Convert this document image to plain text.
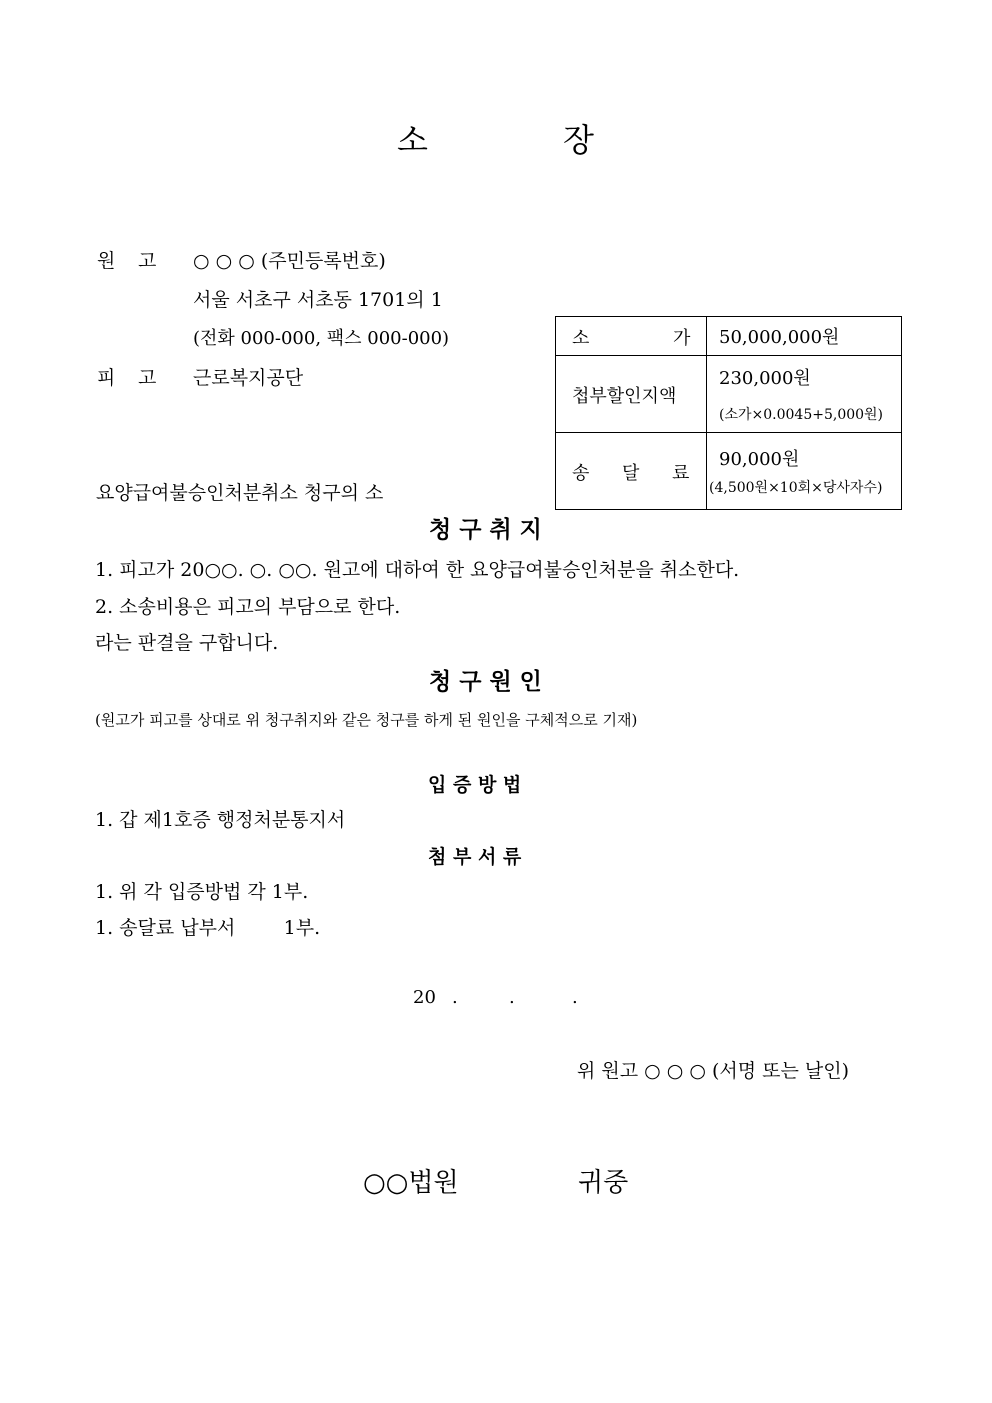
소	장
원 고 ○ ○ ○ (주민등록번호)
서울 서초구 서초동 1701의 1
(전화 000-000, 팩스 000-000)
피 고 근로복지공단
소 가	50,000,000원

첩부할인지액	230,000원
(소가×0.0045+5,000원)

송 달 료	90,000원
(4,500원×10회×당사자수)
요양급여불승인처분취소 청구의 소
청 구 취 지
1. 피고가 20○○. ○. ○○. 원고에 대하여 한 요양급여불승인처분을 취소한다.
2. 소송비용은 피고의 부담으로 한다.
라는 판결을 구합니다.
청 구 원 인
(원고가 피고를 상대로 위 청구취지와 같은 청구를 하게 된 원인을 구체적으로 기재)
입 증 방 법
1. 갑 제1호증 행정처분통지서
첨 부 서 류
1. 위 각 입증방법 각 1부.
1. 송달료 납부서        1부.
20 .	.	.
위 원고 ○ ○ ○ (서명 또는 날인)
○○법원	귀중
